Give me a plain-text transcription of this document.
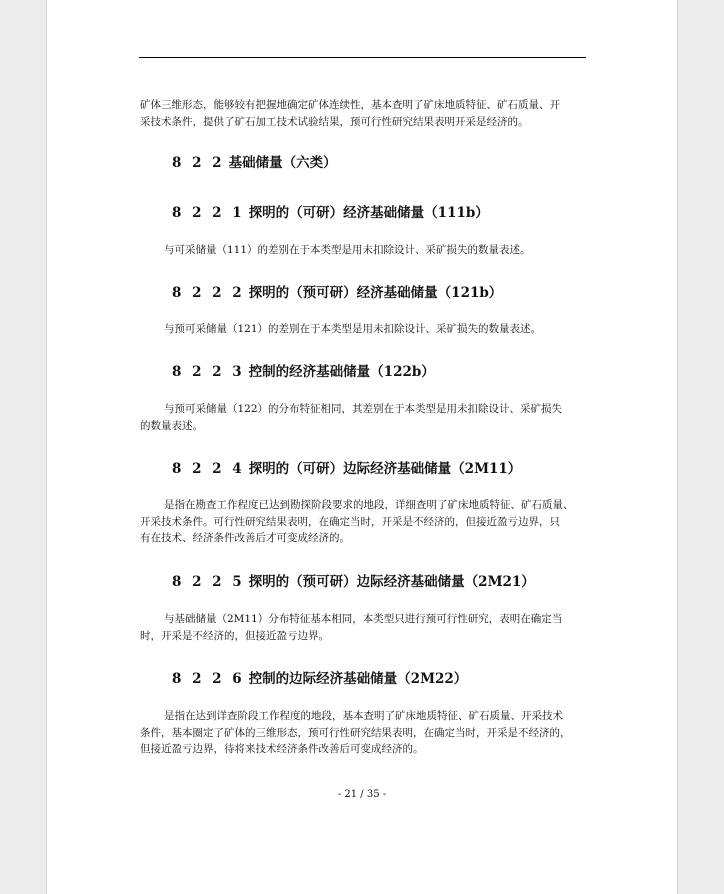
矿体三维形态，能够较有把握地确定矿体连续性，基本查明了矿床地质特征、矿石质量、开
采技术条件，提供了矿石加工技术试验结果，预可行性研究结果表明开采是经济的。
8 2 2 基础储量（六类）
8 2 2 1 探明的（可研）经济基础储量（111b）
与可采储量（111）的差别在于本类型是用未扣除设计、采矿损失的数量表述。
8 2 2 2 探明的（预可研）经济基础储量（121b）
与预可采储量（121）的差别在于本类型是用未扣除设计、采矿损失的数量表述。
8 2 2 3 控制的经济基础储量（122b）
与预可采储量（122）的分布特征相同，其差别在于本类型是用未扣除设计、采矿损失
的数量表述。
8 2 2 4 探明的（可研）边际经济基础储量（2M11）
是指在勘查工作程度已达到勘探阶段要求的地段，详细查明了矿床地质特征、矿石质量、
开采技术条件。可行性研究结果表明，在确定当时，开采是不经济的，但接近盈亏边界，只
有在技术、经济条件改善后才可变成经济的。
8 2 2 5 探明的（预可研）边际经济基础储量（2M21）
与基础储量（2M11）分布特征基本相同，本类型只进行预可行性研究，表明在确定当
时，开采是不经济的，但接近盈亏边界。
8 2 2 6 控制的边际经济基础储量（2M22）
是指在达到详查阶段工作程度的地段，基本查明了矿床地质特征、矿石质量、开采技术
条件，基本圈定了矿体的三维形态，预可行性研究结果表明，在确定当时，开采是不经济的，
但接近盈亏边界，待将来技术经济条件改善后可变成经济的。
- 21 / 35 -
